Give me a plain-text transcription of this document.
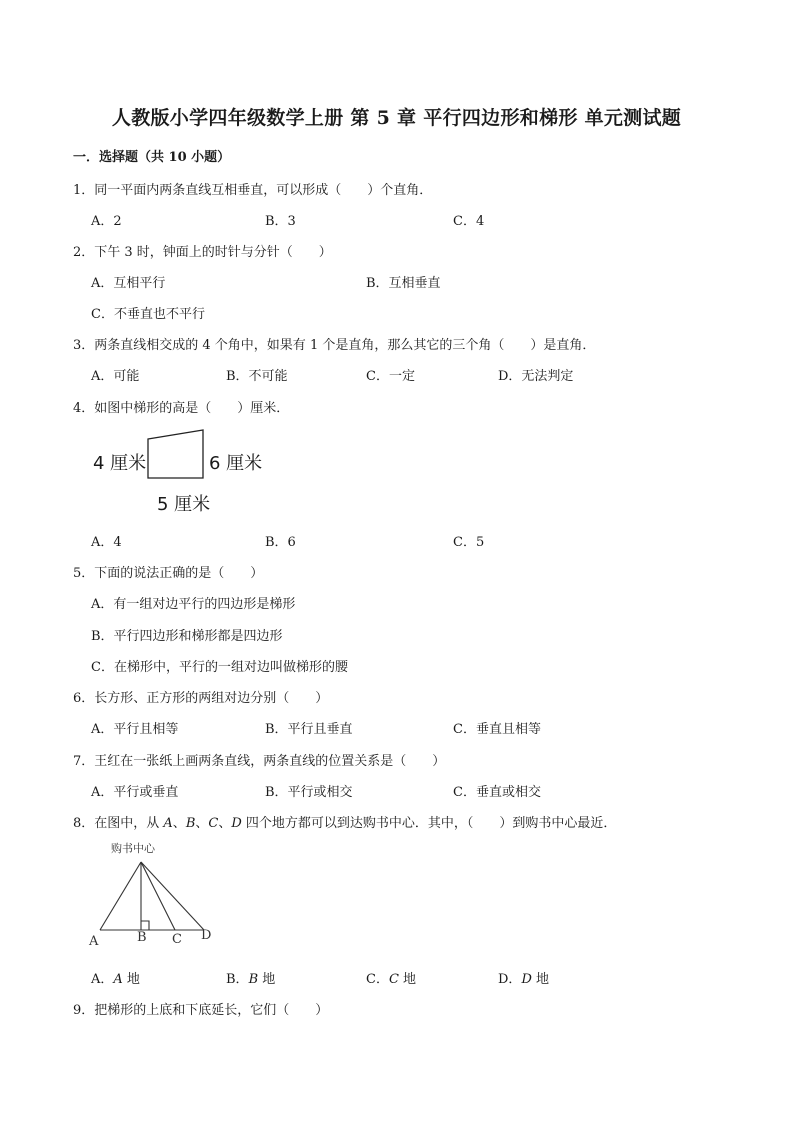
人教版小学四年级数学上册 第 5 章 平行四边形和梯形 单元测试题
一．选择题（共 10 小题）
1．同一平面内两条直线互相垂直，可以形成（　　）个直角．
A．2	B．3	C．4
2．下午 3 时，钟面上的时针与分针（　　）
A．互相平行	B．互相垂直
C．不垂直也不平行
3．两条直线相交成的 4 个角中，如果有 1 个是直角，那么其它的三个角（　　）是直角．
A．可能	B．不可能	C．一定	D．无法判定
4．如图中梯形的高是（　　）厘米．
4 厘米	6 厘米
5 厘米
A．4	B．6	C．5
5．下面的说法正确的是（　　）
A．有一组对边平行的四边形是梯形
B．平行四边形和梯形都是四边形
C．在梯形中，平行的一组对边叫做梯形的腰
6．长方形、正方形的两组对边分别（　　）
A．平行且相等	B．平行且垂直	C．垂直且相等
7．王红在一张纸上画两条直线，两条直线的位置关系是（　　）
A．平行或垂直	B．平行或相交	C．垂直或相交
8．在图中，从 A、B、C、D 四个地方都可以到达购书中心．其中，（　　）到购书中心最近．
购书中心
A	B C D
A．A 地	B．B 地	C．C 地	D．D 地
9．把梯形的上底和下底延长，它们（　　）
